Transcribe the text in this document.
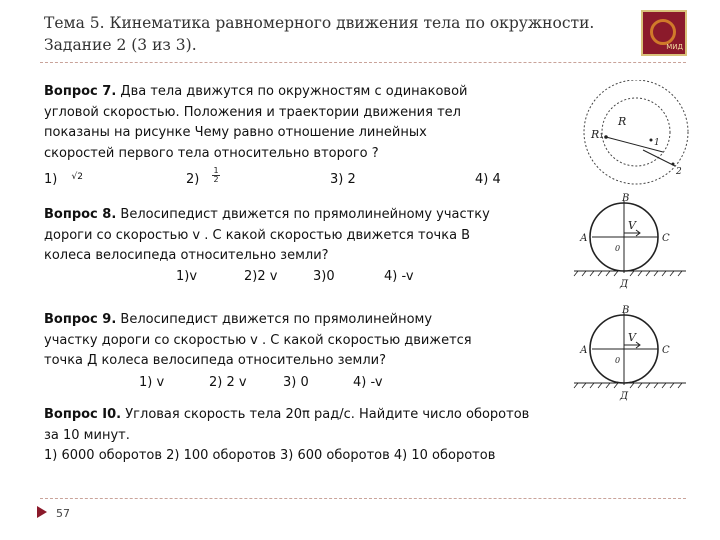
Тема 5. Кинематика равномерного движения тела по окружности.
Задание 2 (3 из 3).	МИД
Вопрос 7. Два тела движутся по окружностям с одинаковой
угловой скоростью. Положения и траектории движения тел
показаны на рисунке Чему равно отношение линейных
скоростей первого тела относительно второго ?
1) $^{√2}$	$2) \frac{1}{2}$	3) 2	4) 4
R₁
R
1
2
Вопрос 8. Велосипедист движется по прямолинейному участку
дороги со скоростью v . С какой скоростью движется точка В
колеса велосипеда относительно земли?
1)v	2)2 v	3)0	4) -v
В
А	С
0
V
Д
Вопрос 9. Велосипедист движется по прямолинейному
участку дороги со скоростью v . С какой скоростью движется
точка Д колеса велосипеда относительно земли?
1) v	2) 2 v	3) 0	4) -v
В
А	С
0
V
Д
Вопрос I0. Угловая скорость тела 20π рад/с. Найдите число оборотов
за 10 минут.
1) 6000 оборотов 2) 100 оборотов 3) 600 оборотов 4) 10 оборотов
57
